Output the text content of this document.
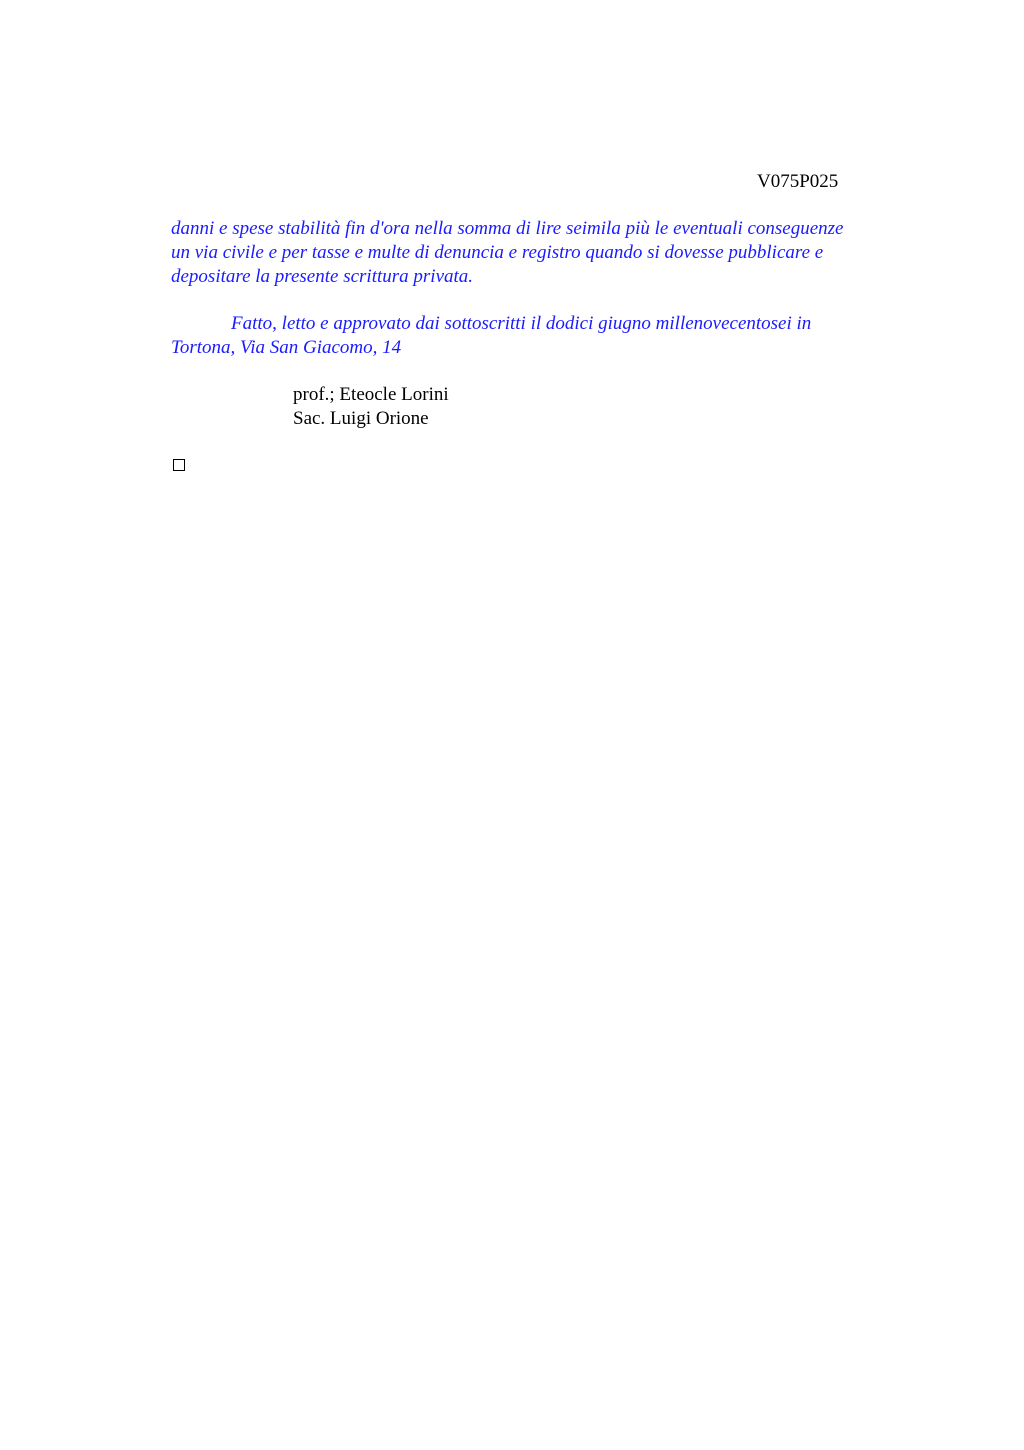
V075P025
danni e spese stabilità fin d'ora nella somma di lire seimila più le eventuali conseguenze
un via civile e per tasse e multe di denuncia e registro quando si dovesse pubblicare e
depositare la presente scrittura privata.
Fatto, letto e approvato dai sottoscritti il dodici giugno millenovecentosei in
Tortona, Via San Giacomo, 14
prof.; Eteocle Lorini
Sac. Luigi Orione
